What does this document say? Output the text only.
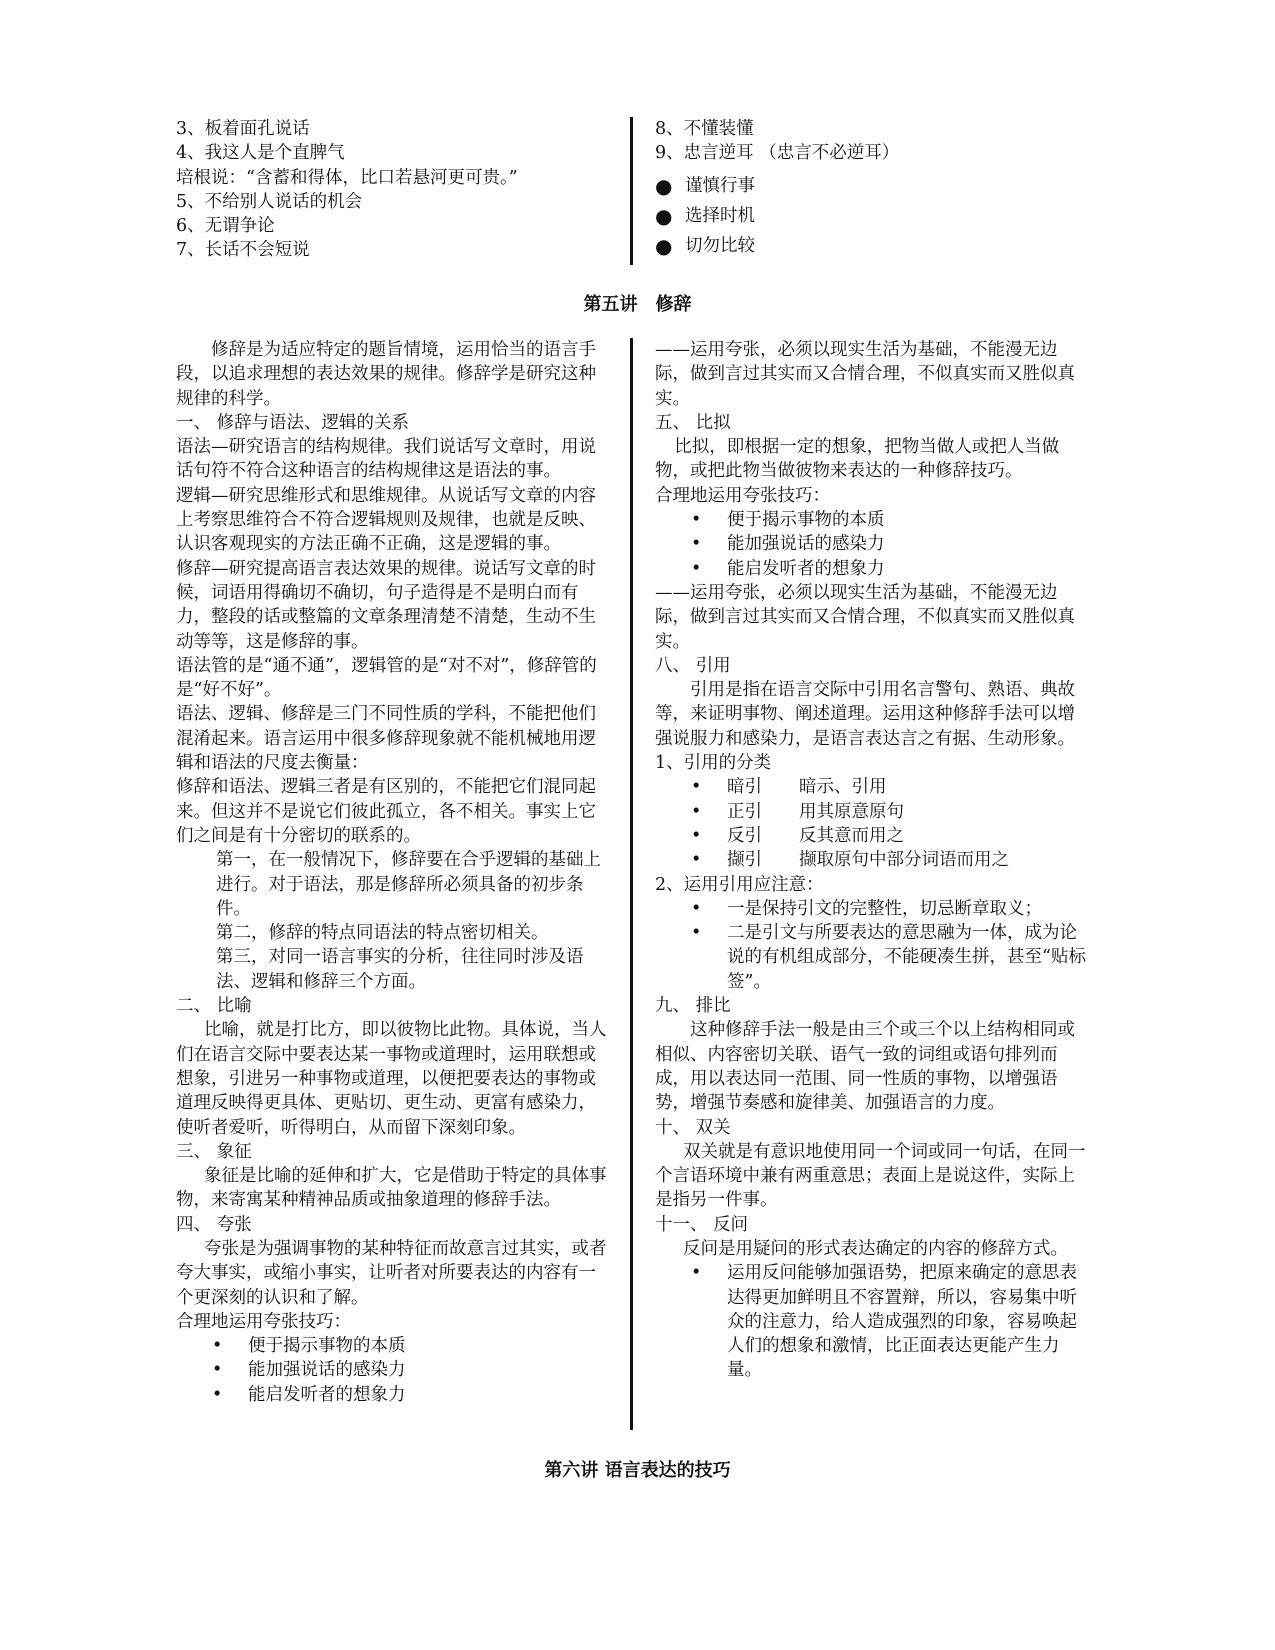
3、板着面孔说话

4、我这人是个直脾气

培根说：“含蓄和得体，比口若悬河更可贵。”

5、不给别人说话的机会

6、无谓争论

7、长话不会短说

8、不懂装懂

9、忠言逆耳 （忠言不必逆耳）

● 谨慎行事

● 选择时机

● 切勿比较

第五讲　修辞

修辞是为适应特定的题旨情境，运用恰当的语言手段，以追求理想的表达效果的规律。修辞学是研究这种规律的科学。

一、 修辞与语法、逻辑的关系

语法—研究语言的结构规律。我们说话写文章时，用说话句符不符合这种语言的结构规律这是语法的事。

逻辑—研究思维形式和思维规律。从说话写文章的内容上考察思维符合不符合逻辑规则及规律，也就是反映、认识客观现实的方法正确不正确，这是逻辑的事。

修辞—研究提高语言表达效果的规律。说话写文章的时候，词语用得确切不确切，句子造得是不是明白而有力，整段的话或整篇的文章条理清楚不清楚，生动不生动等等，这是修辞的事。

语法管的是“通不通”，逻辑管的是“对不对”，修辞管的是“好不好”。

语法、逻辑、修辞是三门不同性质的学科，不能把他们混淆起来。语言运用中很多修辞现象就不能机械地用逻辑和语法的尺度去衡量：

修辞和语法、逻辑三者是有区别的，不能把它们混同起来。但这并不是说它们彼此孤立，各不相关。事实上它们之间是有十分密切的联系的。

第一，在一般情况下，修辞要在合乎逻辑的基础上进行。对于语法，那是修辞所必须具备的初步条件。

第二，修辞的特点同语法的特点密切相关。

第三，对同一语言事实的分析，往往同时涉及语法、逻辑和修辞三个方面。

二、 比喻

比喻，就是打比方，即以彼物比此物。具体说，当人们在语言交际中要表达某一事物或道理时，运用联想或想象，引进另一种事物或道理，以便把要表达的事物或道理反映得更具体、更贴切、更生动、更富有感染力，使听者爱听，听得明白，从而留下深刻印象。

三、 象征

象征是比喻的延伸和扩大，它是借助于特定的具体事物，来寄寓某种精神品质或抽象道理的修辞手法。

四、 夸张

夸张是为强调事物的某种特征而故意言过其实，或者夸大事实，或缩小事实，让听者对所要表达的内容有一个更深刻的认识和了解。

合理地运用夸张技巧：

• 便于揭示事物的本质

• 能加强说话的感染力

• 能启发听者的想象力

——运用夸张，必须以现实生活为基础，不能漫无边际，做到言过其实而又合情合理，不似真实而又胜似真实。

五、 比拟

比拟，即根据一定的想象，把物当做人或把人当做物，或把此物当做彼物来表达的一种修辞技巧。

合理地运用夸张技巧：

• 便于揭示事物的本质

• 能加强说话的感染力

• 能启发听者的想象力

——运用夸张，必须以现实生活为基础，不能漫无边际，做到言过其实而又合情合理，不似真实而又胜似真实。

八、 引用

引用是指在语言交际中引用名言警句、熟语、典故等，来证明事物、阐述道理。运用这种修辞手法可以增强说服力和感染力，是语言表达言之有据、生动形象。

1、引用的分类

• 暗引 暗示、引用

• 正引 用其原意原句

• 反引 反其意而用之

• 撷引 撷取原句中部分词语而用之

2、运用引用应注意：

• 一是保持引文的完整性，切忌断章取义；

• 二是引文与所要表达的意思融为一体，成为论说的有机组成部分，不能硬凑生拼，甚至“贴标签”。

九、 排比

这种修辞手法一般是由三个或三个以上结构相同或相似、内容密切关联、语气一致的词组或语句排列而成，用以表达同一范围、同一性质的事物，以增强语势，增强节奏感和旋律美、加强语言的力度。

十、 双关

双关就是有意识地使用同一个词或同一句话，在同一个言语环境中兼有两重意思；表面上是说这件，实际上是指另一件事。

十一、 反问

反问是用疑问的形式表达确定的内容的修辞方式。

• 运用反问能够加强语势，把原来确定的意思表达得更加鲜明且不容置辩，所以，容易集中听众的注意力，给人造成强烈的印象，容易唤起人们的想象和激情，比正面表达更能产生力量。

第六讲 语言表达的技巧
